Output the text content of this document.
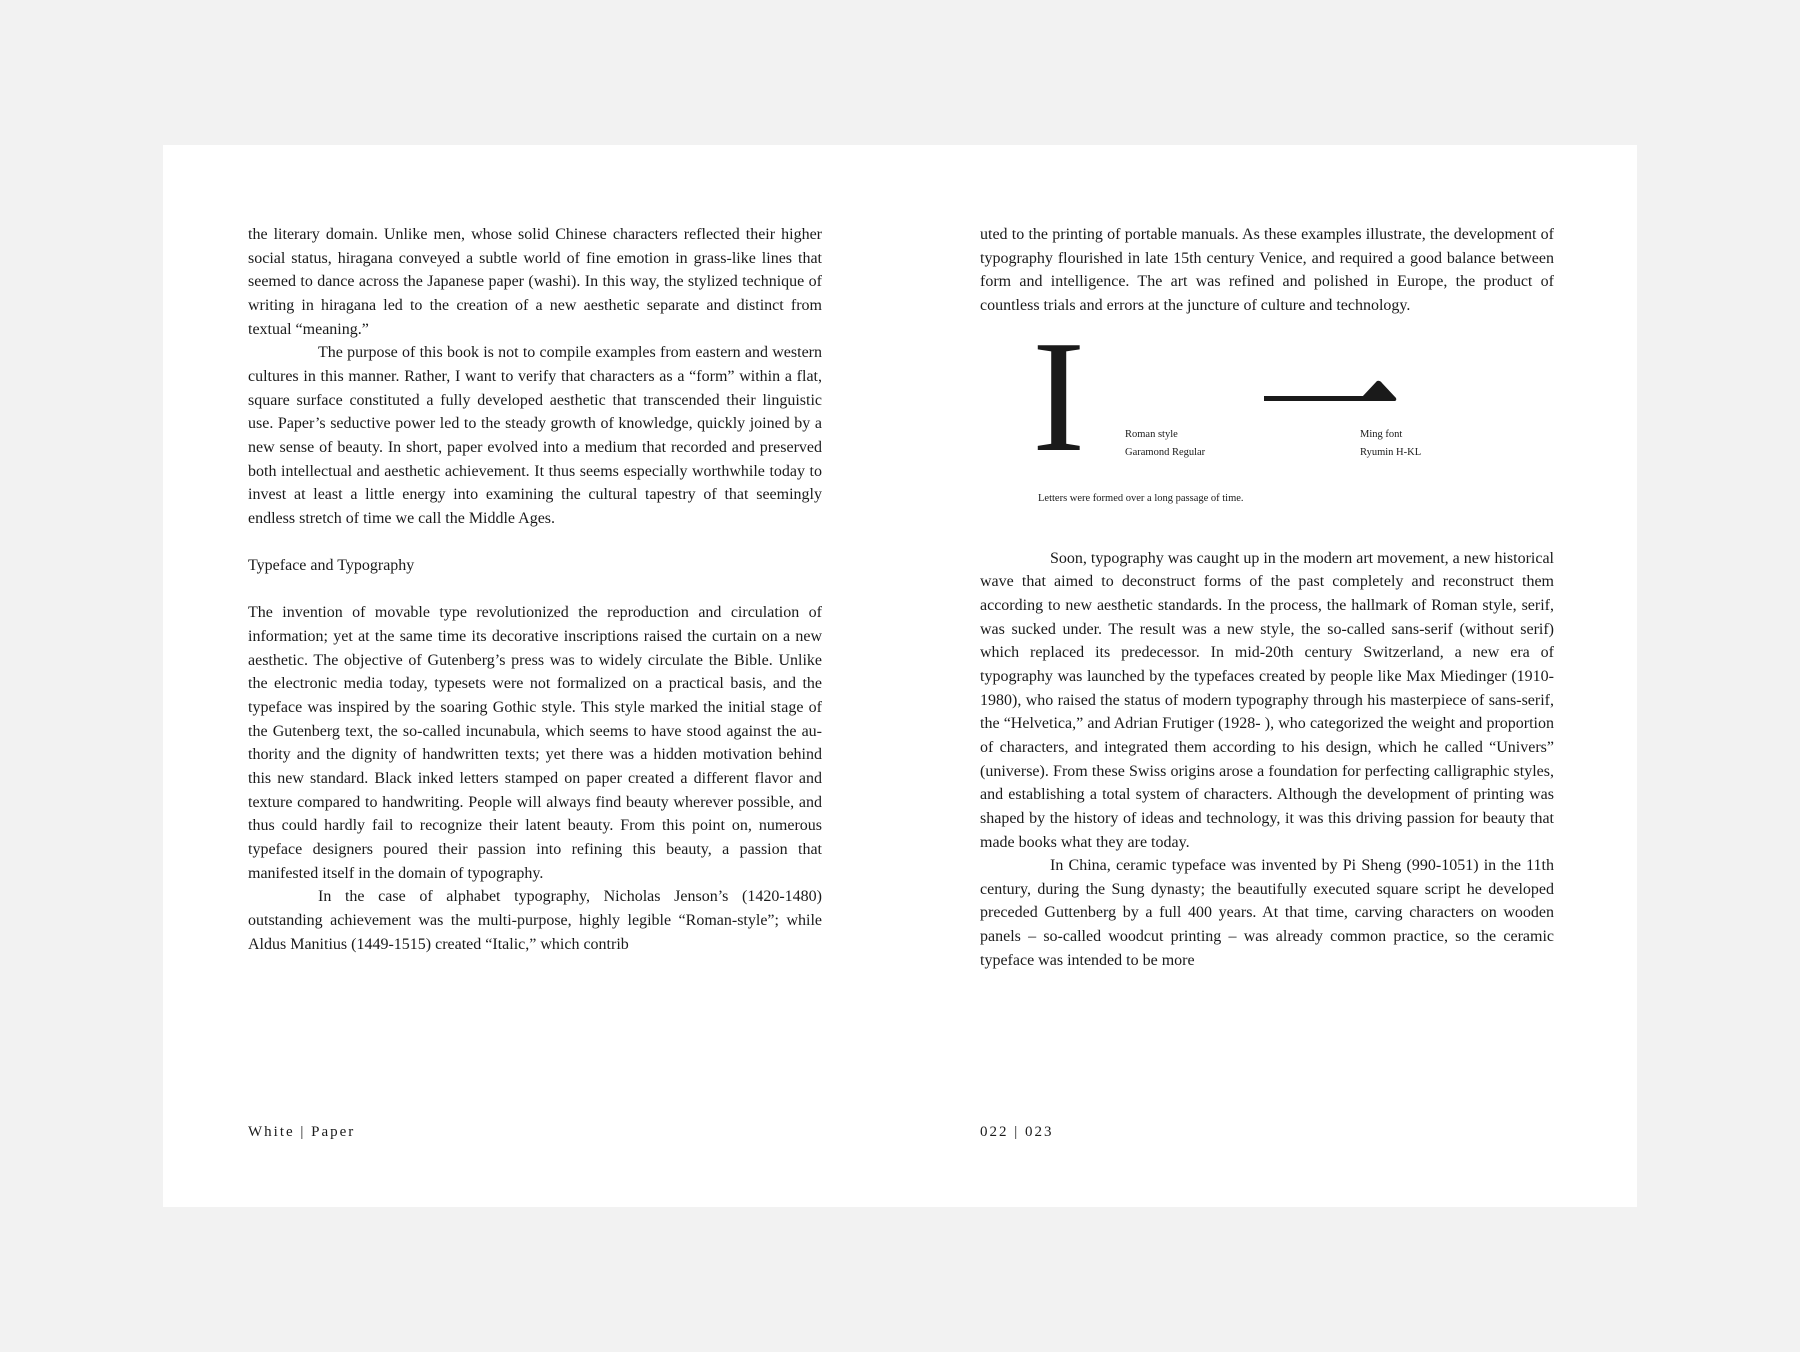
the literary domain. Unlike men, whose solid Chinese characters reflected their higher social status, hiragana conveyed a subtle world of fine emotion in grass-like lines that seemed to dance across the Japanese paper (washi). In this way, the stylized technique of writing in hiragana led to the creation of a new aesthetic separate and distinct from textual “meaning.”

The purpose of this book is not to compile examples from eastern and western cultures in this manner. Rather, I want to verify that characters as a “form” within a flat, square surface constituted a fully developed aesthetic that transcended their linguistic use. Paper’s seductive power led to the steady growth of knowledge, quickly joined by a new sense of beauty. In short, paper evolved into a medium that recorded and preserved both intellectual and aesthetic achievement. It thus seems especially worthwhile today to invest at least a little energy into examining the cultural tapestry of that seemingly endless stretch of time we call the Middle Ages.

Typeface and Typography

The invention of movable type revolutionized the reproduction and circulation of information; yet at the same time its decorative inscriptions raised the curtain on a new aesthetic. The objective of Gutenberg’s press was to widely circulate the Bible. Unlike the electronic media today, typesets were not formalized on a practical basis, and the typeface was inspired by the soaring Gothic style. This style marked the initial stage of the Gutenberg text, the so-called incunabula, which seems to have stood against the authority and the dignity of handwritten texts; yet there was a hidden motivation behind this new standard. Black inked letters stamped on paper created a different flavor and texture compared to handwriting. People will always find beauty wherever possible, and thus could hardly fail to recognize their latent beauty. From this point on, numerous typeface designers poured their passion into refining this beauty, a passion that manifested itself in the domain of typography.

In the case of alphabet typography, Nicholas Jenson’s (1420-1480) outstanding achievement was the multi-purpose, highly legible “Roman-style”; while Aldus Manitius (1449-1515) created “Italic,” which contrib

uted to the printing of portable manuals. As these examples illustrate, the development of typography flourished in late 15th century Venice, and required a good balance between form and intelligence. The art was refined and polished in Europe, the product of countless trials and errors at the juncture of culture and technology.

I	Roman style
Garamond Regular
Ming font
Ryumin H-KL
Letters were formed over a long passage of time.

Soon, typography was caught up in the modern art movement, a new historical wave that aimed to deconstruct forms of the past completely and reconstruct them according to new aesthetic standards. In the process, the hallmark of Roman style, serif, was sucked under. The result was a new style, the so-called sans-serif (without serif) which replaced its predecessor. In mid-20th century Switzerland, a new era of typography was launched by the typefaces created by people like Max Miedinger (1910-1980), who raised the status of modern typography through his masterpiece of sans-serif, the “Helvetica,” and Adrian Frutiger (1928- ), who categorized the weight and proportion of characters, and integrated them according to his design, which he called “Univers” (universe). From these Swiss origins arose a foundation for perfecting calligraphic styles, and establishing a total system of characters. Although the development of printing was shaped by the history of ideas and technology, it was this driving passion for beauty that made books what they are today.

In China, ceramic typeface was invented by Pi Sheng (990-1051) in the 11th century, during the Sung dynasty; the beautifully executed square script he developed preceded Guttenberg by a full 400 years. At that time, carving characters on wooden panels – so-called woodcut printing – was already common practice, so the ceramic typeface was intended to be more

White | Paper	022 | 023
